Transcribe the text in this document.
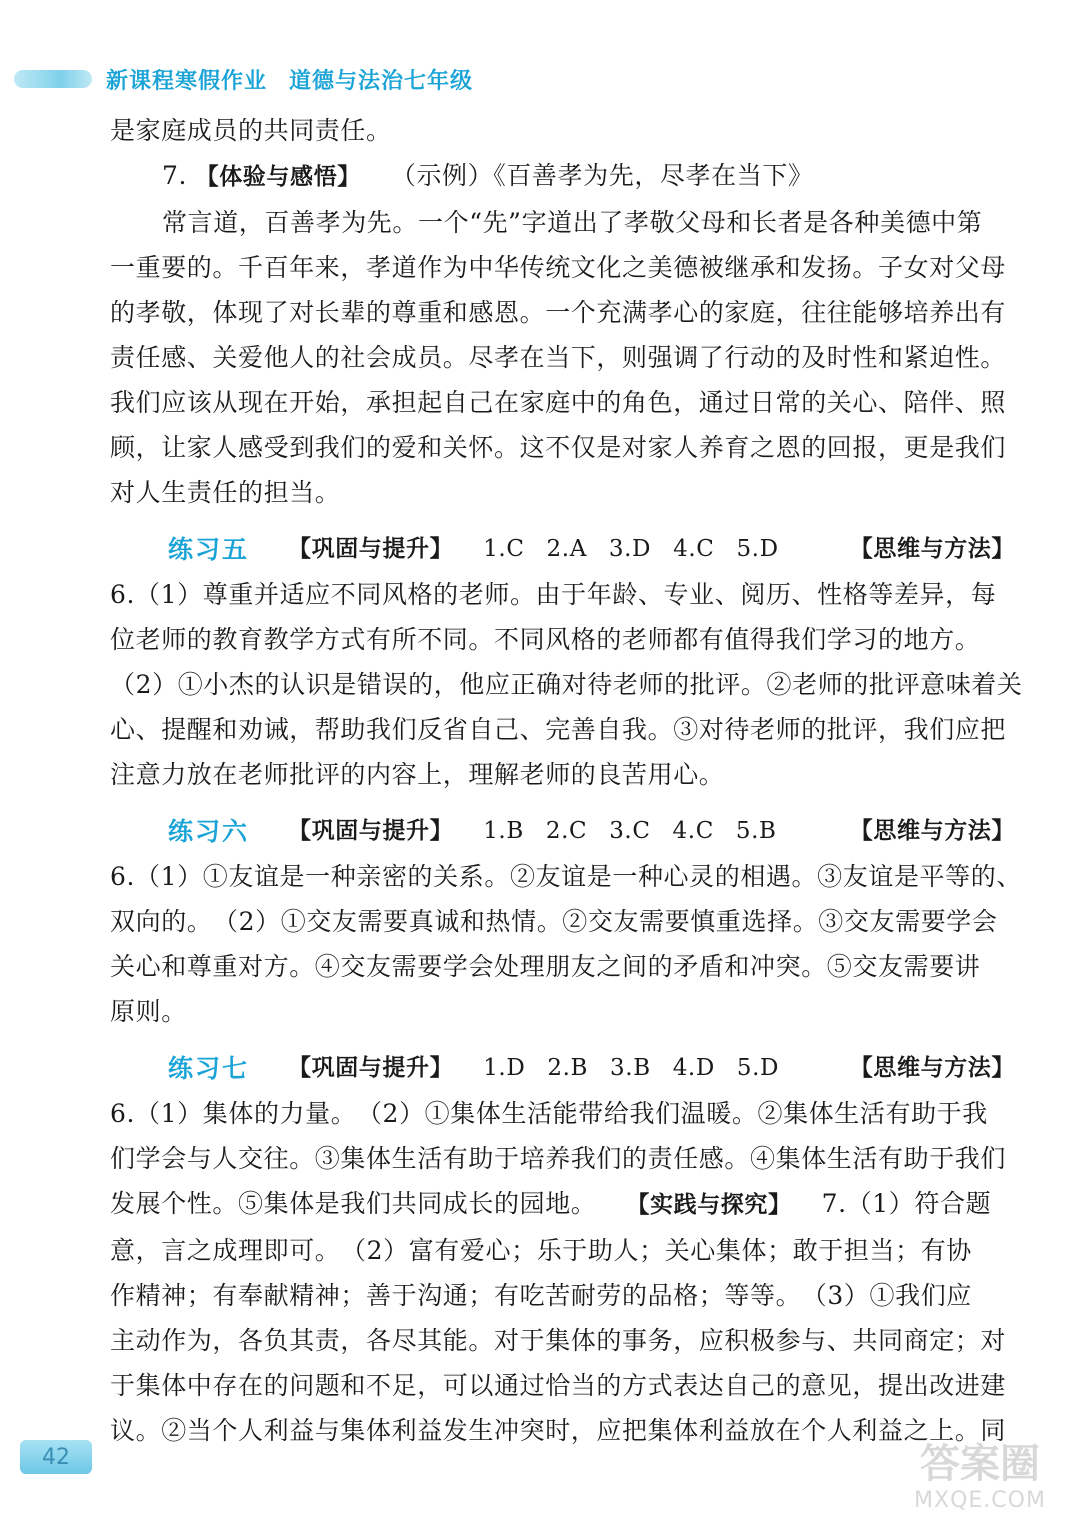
新课程寒假作业 道德与法治七年级
是家庭成员的共同责任。
7. 【体验与感悟】 （示例）《百善孝为先，尽孝在当下》
常言道，百善孝为先。一个“先”字道出了孝敬父母和长者是各种美德中第
一重要的。千百年来，孝道作为中华传统文化之美德被继承和发扬。子女对父母
的孝敬，体现了对长辈的尊重和感恩。一个充满孝心的家庭，往往能够培养出有
责任感、关爱他人的社会成员。尽孝在当下，则强调了行动的及时性和紧迫性。
我们应该从现在开始，承担起自己在家庭中的角色，通过日常的关心、陪伴、照
顾，让家人感受到我们的爱和关怀。这不仅是对家人养育之恩的回报，更是我们
对人生责任的担当。
练习五	【巩固与提升】 1.C 2.A 3.D 4.C 5.D	【思维与方法】
6.（1）尊重并适应不同风格的老师。由于年龄、专业、阅历、性格等差异，每
位老师的教育教学方式有所不同。不同风格的老师都有值得我们学习的地方。
（2）①小杰的认识是错误的，他应正确对待老师的批评。②老师的批评意味着关
心、提醒和劝诫，帮助我们反省自己、完善自我。③对待老师的批评，我们应把
注意力放在老师批评的内容上，理解老师的良苦用心。
练习六	【巩固与提升】 1.B 2.C 3.C 4.C 5.B	【思维与方法】
6.（1）①友谊是一种亲密的关系。②友谊是一种心灵的相遇。③友谊是平等的、
双向的。　（2）①交友需要真诚和热情。②交友需要慎重选择。③交友需要学会
关心和尊重对方。④交友需要学会处理朋友之间的矛盾和冲突。⑤交友需要讲
原则。
练习七	【巩固与提升】 1.D 2.B 3.B 4.D 5.D	【思维与方法】
6.（1）集体的力量。　（2）①集体生活能带给我们温暖。②集体生活有助于我
们学会与人交往。③集体生活有助于培养我们的责任感。④集体生活有助于我们
发展个性。⑤集体是我们共同成长的园地。 【实践与探究】 7.（1）符合题
意，言之成理即可。　（2）富有爱心；乐于助人；关心集体；敢于担当；有协
作精神；有奉献精神；善于沟通；有吃苦耐劳的品格；等等。　（3）①我们应
主动作为，各负其责，各尽其能。对于集体的事务，应积极参与、共同商定；对
于集体中存在的问题和不足，可以通过恰当的方式表达自己的意见，提出改进建
议。②当个人利益与集体利益发生冲突时，应把集体利益放在个人利益之上。同
42	答案圈
MXQE.COM
